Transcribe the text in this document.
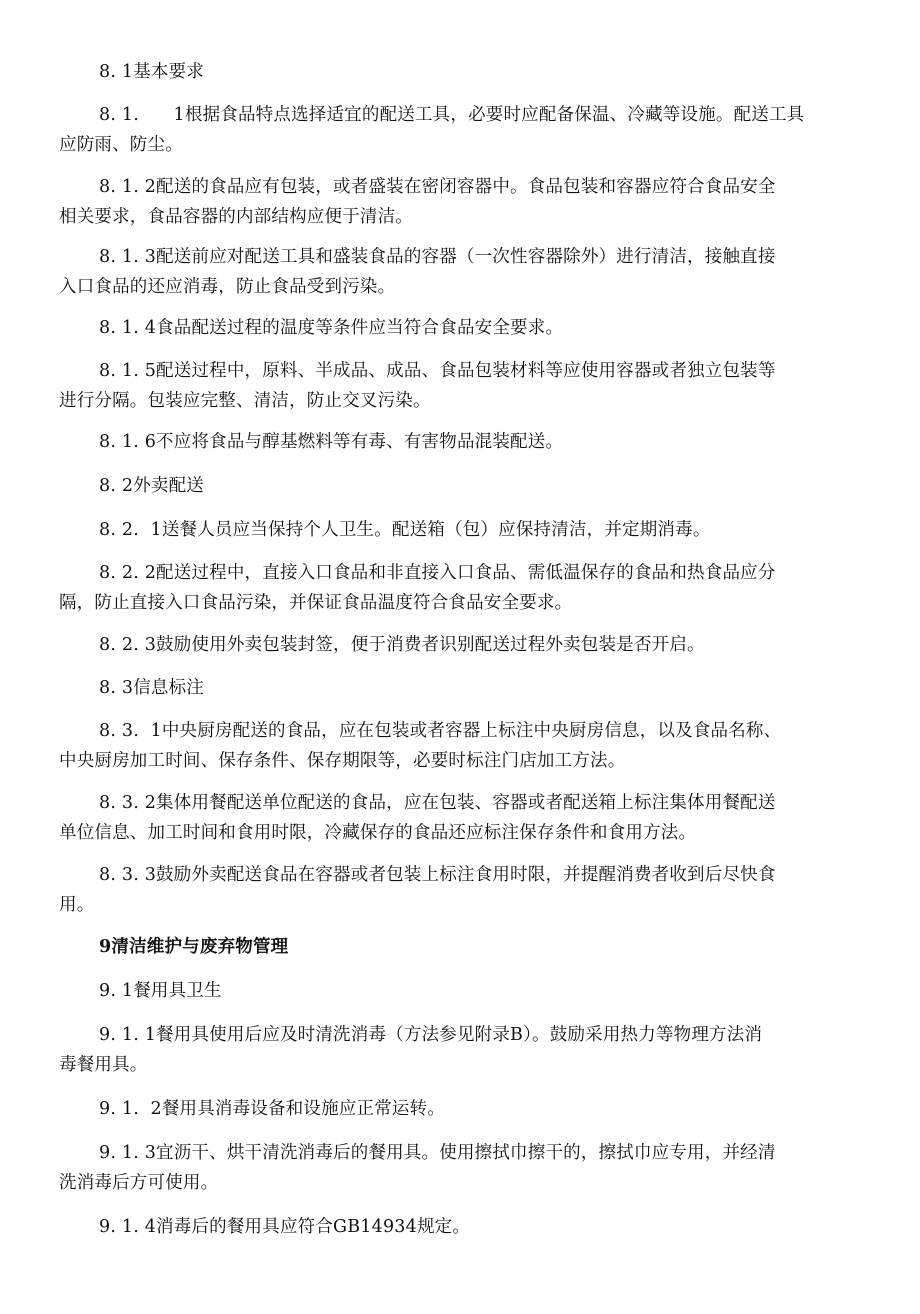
8. 1基本要求
8. 1.      1根据食品特点选择适宜的配送工具，必要时应配备保温、冷藏等设施。配送工具
应防雨、防尘。
8. 1. 2配送的食品应有包装，或者盛装在密闭容器中。食品包装和容器应符合食品安全
相关要求，食品容器的内部结构应便于清洁。
8. 1. 3配送前应对配送工具和盛装食品的容器（一次性容器除外）进行清洁，接触直接
入口食品的还应消毒，防止食品受到污染。
8. 1. 4食品配送过程的温度等条件应当符合食品安全要求。
8. 1. 5配送过程中，原料、半成品、成品、食品包装材料等应使用容器或者独立包装等
进行分隔。包装应完整、清洁，防止交叉污染。
8. 1. 6不应将食品与醇基燃料等有毒、有害物品混装配送。
8. 2外卖配送
8. 2.  1送餐人员应当保持个人卫生。配送箱（包）应保持清洁，并定期消毒。
8. 2. 2配送过程中，直接入口食品和非直接入口食品、需低温保存的食品和热食品应分
隔，防止直接入口食品污染，并保证食品温度符合食品安全要求。
8. 2. 3鼓励使用外卖包装封签，便于消费者识别配送过程外卖包装是否开启。
8. 3信息标注
8. 3.  1中央厨房配送的食品，应在包装或者容器上标注中央厨房信息，以及食品名称、
中央厨房加工时间、保存条件、保存期限等，必要时标注门店加工方法。
8. 3. 2集体用餐配送单位配送的食品，应在包装、容器或者配送箱上标注集体用餐配送
单位信息、加工时间和食用时限，冷藏保存的食品还应标注保存条件和食用方法。
8. 3. 3鼓励外卖配送食品在容器或者包装上标注食用时限，并提醒消费者收到后尽快食
用。
9清洁维护与废弃物管理
9. 1餐用具卫生
9. 1. 1餐用具使用后应及时清洗消毒（方法参见附录B）。鼓励采用热力等物理方法消
毒餐用具。
9. 1.  2餐用具消毒设备和设施应正常运转。
9. 1. 3宜沥干、烘干清洗消毒后的餐用具。使用擦拭巾擦干的，擦拭巾应专用，并经清
洗消毒后方可使用。
9. 1. 4消毒后的餐用具应符合GB14934规定。
